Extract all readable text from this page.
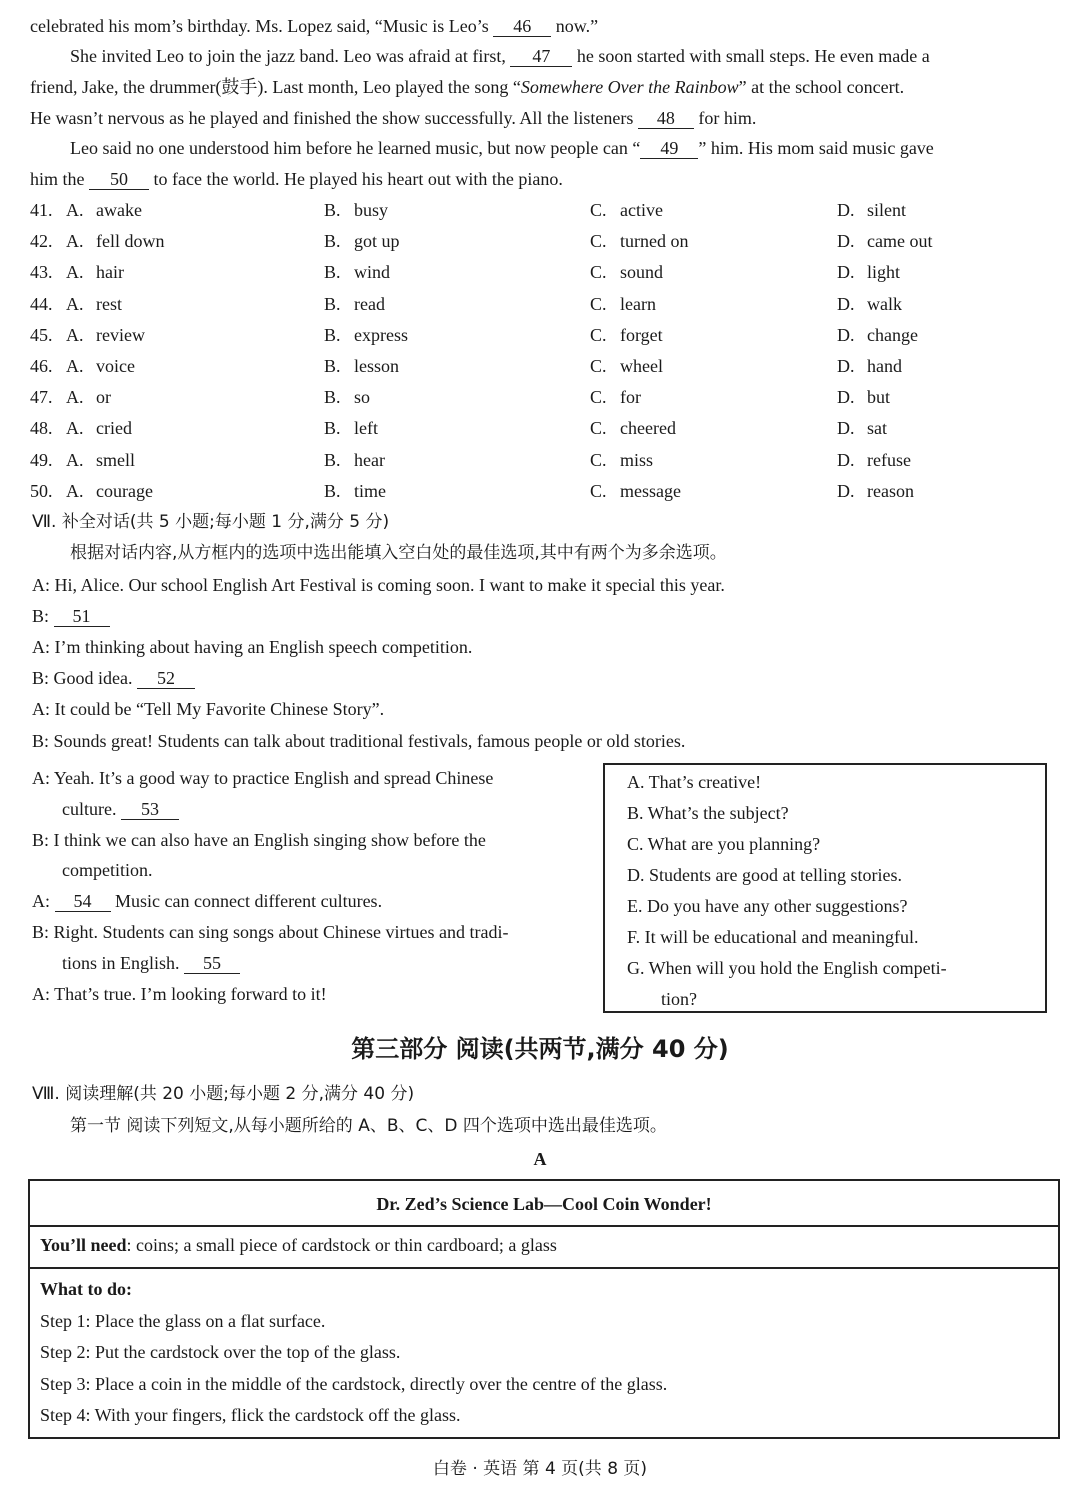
celebrated his mom’s birthday. Ms. Lopez said, “Music is Leo’s 46 now.”
She invited Leo to join the jazz band. Leo was afraid at first, 47 he soon started with small steps. He even made a
friend, Jake, the drummer(鼓手). Last month, Leo played the song “Somewhere Over the Rainbow” at the school concert.
He wasn’t nervous as he played and finished the show successfully. All the listeners 48 for him.
Leo said no one understood him before he learned music, but now people can “ 49 ” him. His mom said music gave
him the 50 to face the world. He played his heart out with the piano.
41. A. awake	B. busy	C. active	D. silent
42. A. fell down	B. got up	C. turned on	D. came out
43. A. hair	B. wind	C. sound	D. light
44. A. rest	B. read	C. learn	D. walk
45. A. review	B. express	C. forget	D. change
46. A. voice	B. lesson	C. wheel	D. hand
47. A. or	B. so	C. for	D. but
48. A. cried	B. left	C. cheered	D. sat
49. A. smell	B. hear	C. miss	D. refuse
50. A. courage	B. time	C. message	D. reason
Ⅶ. 补全对话(共 5 小题;每小题 1 分,满分 5 分)
根据对话内容,从方框内的选项中选出能填入空白处的最佳选项,其中有两个为多余选项。
A: Hi, Alice. Our school English Art Festival is coming soon. I want to make it special this year.
B: 51
A: I’m thinking about having an English speech competition.
B: Good idea. 52
A: It could be “Tell My Favorite Chinese Story”.
B: Sounds great! Students can talk about traditional festivals, famous people or old stories.
A: Yeah. It’s a good way to practice English and spread Chinese
culture. 53
B: I think we can also have an English singing show before the
competition.
A: 54 Music can connect different cultures.
B: Right. Students can sing songs about Chinese virtues and tradi-
tions in English. 55
A: That’s true. I’m looking forward to it!
A. That’s creative!
B. What’s the subject?
C. What are you planning?
D. Students are good at telling stories.
E. Do you have any other suggestions?
F. It will be educational and meaningful.
G. When will you hold the English competi-
tion?
第三部分 阅读(共两节,满分 40 分)
Ⅷ. 阅读理解(共 20 小题;每小题 2 分,满分 40 分)
第一节 阅读下列短文,从每小题所给的 A、B、C、D 四个选项中选出最佳选项。
A
Dr. Zed’s Science Lab—Cool Coin Wonder!
You’ll need: coins; a small piece of cardstock or thin cardboard; a glass
What to do:
Step 1: Place the glass on a flat surface.
Step 2: Put the cardstock over the top of the glass.
Step 3: Place a coin in the middle of the cardstock, directly over the centre of the glass.
Step 4: With your fingers, flick the cardstock off the glass.
白卷 · 英语 第 4 页(共 8 页)
